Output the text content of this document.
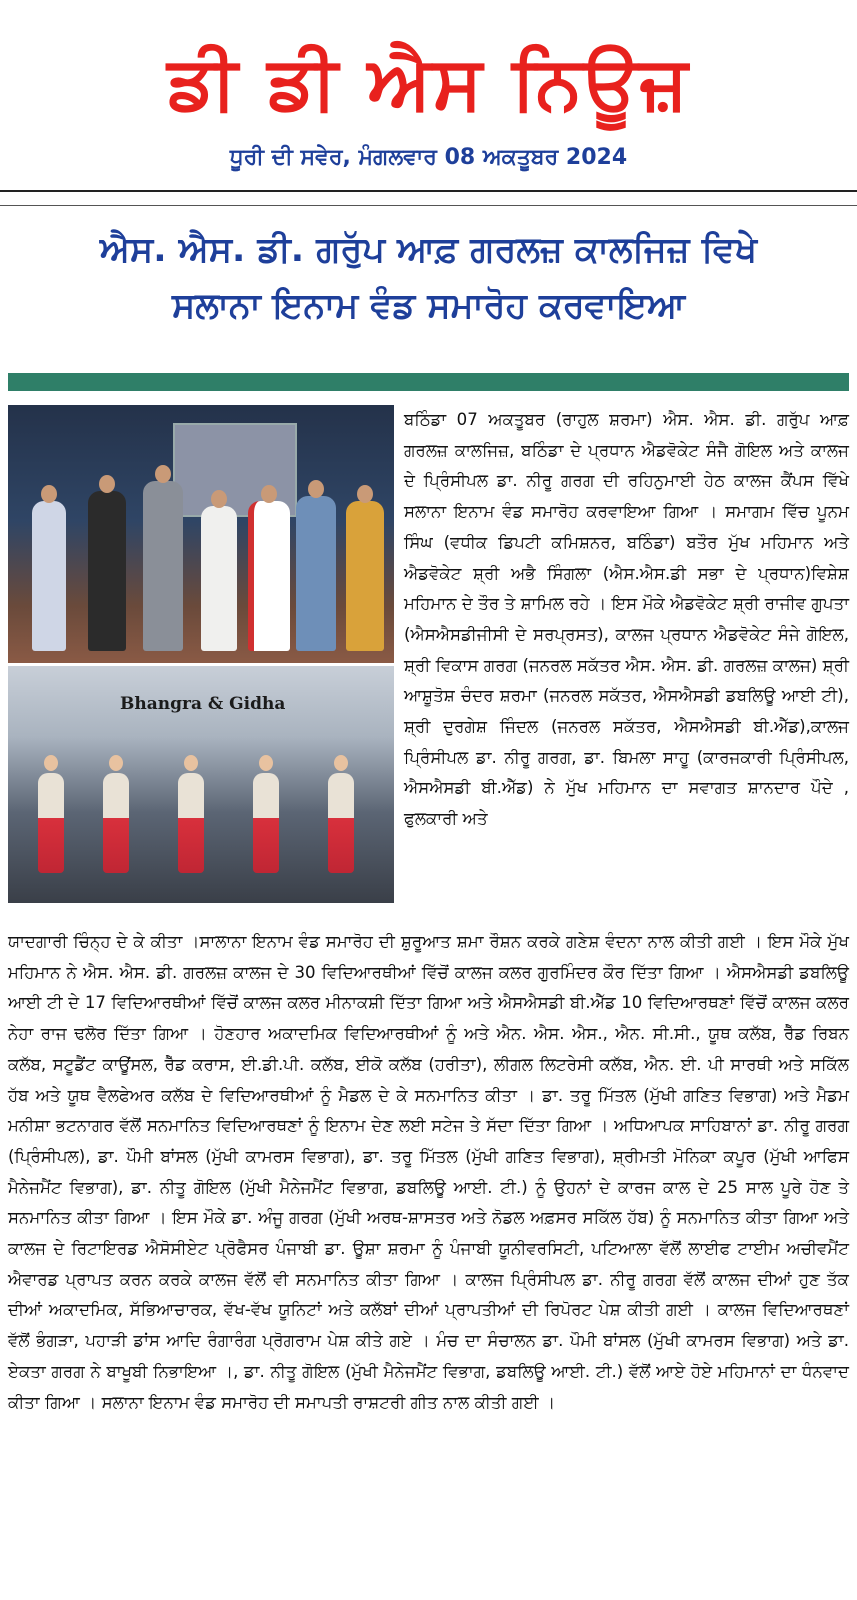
ਡੀ ਡੀ ਐਸ ਨਿਊਜ਼
ਧੂਰੀ ਦੀ ਸਵੇਰ, ਮੰਗਲਵਾਰ 08 ਅਕਤੂਬਰ 2024
ਐਸ. ਐਸ. ਡੀ. ਗਰੁੱਪ ਆਫ਼ ਗਰਲਜ਼ ਕਾਲਜਿਜ਼ ਵਿਖੇ
ਸਲਾਨਾ ਇਨਾਮ ਵੰਡ ਸਮਾਰੋਹ ਕਰਵਾਇਆ
Bhangra & Gidha
ਬਠਿੰਡਾ 07 ਅਕਤੂਬਰ (ਰਾਹੁਲ ਸ਼ਰਮਾ) ਐਸ. ਐਸ. ਡੀ. ਗਰੁੱਪ ਆਫ਼ ਗਰਲਜ਼ ਕਾਲਜਿਜ਼, ਬਠਿੰਡਾ ਦੇ ਪ੍ਰਧਾਨ ਐਡਵੋਕੇਟ ਸੰਜੈ ਗੋਇਲ ਅਤੇ ਕਾਲਜ ਦੇ ਪ੍ਰਿੰਸੀਪਲ ਡਾ. ਨੀਰੂ ਗਰਗ ਦੀ ਰਹਿਨੁਮਾਈ ਹੇਠ ਕਾਲਜ ਕੈਂਪਸ ਵਿੱਖੇ ਸਲਾਨਾ ਇਨਾਮ ਵੰਡ ਸਮਾਰੋਹ ਕਰਵਾਇਆ ਗਿਆ । ਸਮਾਗਮ ਵਿੱਚ ਪੂਨਮ ਸਿੰਘ (ਵਧੀਕ ਡਿਪਟੀ ਕਮਿਸ਼ਨਰ, ਬਠਿੰਡਾ) ਬਤੌਰ ਮੁੱਖ ਮਹਿਮਾਨ ਅਤੇ ਐਡਵੋਕੇਟ ਸ਼੍ਰੀ ਅਭੈ ਸਿੰਗਲਾ (ਐਸ.ਐਸ.ਡੀ ਸਭਾ ਦੇ ਪ੍ਰਧਾਨ)ਵਿਸ਼ੇਸ਼ ਮਹਿਮਾਨ ਦੇ ਤੌਰ ਤੇ ਸ਼ਾਮਿਲ ਰਹੇ । ਇਸ ਮੌਕੇ ਐਡਵੋਕੇਟ ਸ਼੍ਰੀ ਰਾਜੀਵ ਗੁਪਤਾ (ਐਸਐਸਡੀਜੀਸੀ ਦੇ ਸਰਪ੍ਰਸਤ), ਕਾਲਜ ਪ੍ਰਧਾਨ ਐਡਵੋਕੇਟ ਸੰਜੇ ਗੋਇਲ, ਸ਼੍ਰੀ ਵਿਕਾਸ ਗਰਗ (ਜਨਰਲ ਸਕੱਤਰ ਐਸ. ਐਸ. ਡੀ. ਗਰਲਜ਼ ਕਾਲਜ) ਸ਼੍ਰੀ ਆਸ਼ੂਤੋਸ਼ ਚੰਦਰ ਸ਼ਰਮਾ (ਜਨਰਲ ਸਕੱਤਰ, ਐਸਐਸਡੀ ਡਬਲਿਊ ਆਈ ਟੀ), ਸ਼੍ਰੀ ਦੁਰਗੇਸ਼ ਜਿੰਦਲ (ਜਨਰਲ ਸਕੱਤਰ, ਐਸਐਸਡੀ ਬੀ.ਐੱਡ),ਕਾਲਜ ਪ੍ਰਿੰਸੀਪਲ ਡਾ. ਨੀਰੂ ਗਰਗ, ਡਾ. ਬਿਮਲਾ ਸਾਹੂ (ਕਾਰਜਕਾਰੀ ਪ੍ਰਿੰਸੀਪਲ, ਐਸਐਸਡੀ ਬੀ.ਐੱਡ) ਨੇ ਮੁੱਖ ਮਹਿਮਾਨ ਦਾ ਸਵਾਗਤ ਸ਼ਾਨਦਾਰ ਪੌਦੇ , ਫੁਲਕਾਰੀ ਅਤੇ
ਯਾਦਗਾਰੀ ਚਿੰਨ੍ਹ ਦੇ ਕੇ ਕੀਤਾ ।ਸਾਲਾਨਾ ਇਨਾਮ ਵੰਡ ਸਮਾਰੋਹ ਦੀ ਸ਼ੁਰੂਆਤ ਸ਼ਮਾ ਰੌਸ਼ਨ ਕਰਕੇ ਗਣੇਸ਼ ਵੰਦਨਾ ਨਾਲ ਕੀਤੀ ਗਈ । ਇਸ ਮੌਕੇ ਮੁੱਖ ਮਹਿਮਾਨ ਨੇ ਐਸ. ਐਸ. ਡੀ. ਗਰਲਜ਼ ਕਾਲਜ ਦੇ 30 ਵਿਦਿਆਰਥੀਆਂ ਵਿੱਚੋਂ ਕਾਲਜ ਕਲਰ ਗੁਰਮਿੰਦਰ ਕੌਰ ਦਿੱਤਾ ਗਿਆ । ਐਸਐਸਡੀ ਡਬਲਿਊ ਆਈ ਟੀ ਦੇ 17 ਵਿਦਿਆਰਥੀਆਂ ਵਿੱਚੋਂ ਕਾਲਜ ਕਲਰ ਮੀਨਾਕਸ਼ੀ ਦਿੱਤਾ ਗਿਆ ਅਤੇ ਐਸਐਸਡੀ ਬੀ.ਐੱਡ 10 ਵਿਦਿਆਰਥਣਾਂ ਵਿੱਚੋਂ ਕਾਲਜ ਕਲਰ ਨੇਹਾ ਰਾਜ ਢਲੋਰ ਦਿੱਤਾ ਗਿਆ । ਹੋਣਹਾਰ ਅਕਾਦਮਿਕ ਵਿਦਿਆਰਥੀਆਂ ਨੂੰ ਅਤੇ ਐਨ. ਐਸ. ਐਸ., ਐਨ. ਸੀ.ਸੀ., ਯੂਥ ਕਲੱਬ, ਰੈੱਡ ਰਿਬਨ ਕਲੱਬ, ਸਟੂਡੈਂਟ ਕਾਊਂਸਲ, ਰੈੱਡ ਕਰਾਸ, ਈ.ਡੀ.ਪੀ. ਕਲੱਬ, ਈਕੋ ਕਲੱਬ (ਹਰੀਤਾ), ਲੀਗਲ ਲਿਟਰੇਸੀ ਕਲੱਬ, ਐਨ. ਈ. ਪੀ ਸਾਰਥੀ ਅਤੇ ਸਕਿੱਲ ਹੱਬ ਅਤੇ ਯੂਥ ਵੈਲਫੇਅਰ ਕਲੱਬ ਦੇ ਵਿਦਿਆਰਥੀਆਂ ਨੂੰ ਮੈਡਲ ਦੇ ਕੇ ਸਨਮਾਨਿਤ ਕੀਤਾ । ਡਾ. ਤਰੂ ਮਿੱਤਲ (ਮੁੱਖੀ ਗਣਿਤ ਵਿਭਾਗ) ਅਤੇ ਮੈਡਮ ਮਨੀਸ਼ਾ ਭਟਨਾਗਰ ਵੱਲੋਂ ਸਨਮਾਨਿਤ ਵਿਦਿਆਰਥਣਾਂ ਨੂੰ ਇਨਾਮ ਦੇਣ ਲਈ ਸਟੇਜ ਤੇ ਸੱਦਾ ਦਿੱਤਾ ਗਿਆ । ਅਧਿਆਪਕ ਸਾਹਿਬਾਨਾਂ ਡਾ. ਨੀਰੂ ਗਰਗ (ਪ੍ਰਿੰਸੀਪਲ), ਡਾ. ਪੌਮੀ ਬਾਂਸਲ (ਮੁੱਖੀ ਕਾਮਰਸ ਵਿਭਾਗ), ਡਾ. ਤਰੂ ਮਿੱਤਲ (ਮੁੱਖੀ ਗਣਿਤ ਵਿਭਾਗ), ਸ਼੍ਰੀਮਤੀ ਮੋਨਿਕਾ ਕਪੂਰ (ਮੁੱਖੀ ਆਫਿਸ ਮੈਨੇਜਮੈਂਟ ਵਿਭਾਗ), ਡਾ. ਨੀਤੂ ਗੋਇਲ (ਮੁੱਖੀ ਮੈਨੇਜਮੈਂਟ ਵਿਭਾਗ, ਡਬਲਿਊ ਆਈ. ਟੀ.) ਨੂੰ ਉਹਨਾਂ ਦੇ ਕਾਰਜ ਕਾਲ ਦੇ 25 ਸਾਲ ਪੂਰੇ ਹੋਣ ਤੇ ਸਨਮਾਨਿਤ ਕੀਤਾ ਗਿਆ । ਇਸ ਮੌਕੇ ਡਾ. ਅੰਜੂ ਗਰਗ (ਮੁੱਖੀ ਅਰਥ-ਸ਼ਾਸਤਰ ਅਤੇ ਨੋਡਲ ਅਫ਼ਸਰ ਸਕਿੱਲ ਹੱਬ) ਨੂੰ ਸਨਮਾਨਿਤ ਕੀਤਾ ਗਿਆ ਅਤੇ ਕਾਲਜ ਦੇ ਰਿਟਾਇਰਡ ਐਸੋਸੀਏਟ ਪ੍ਰੋਫੈਸਰ ਪੰਜਾਬੀ ਡਾ. ਊਸ਼ਾ ਸ਼ਰਮਾ ਨੂੰ ਪੰਜਾਬੀ ਯੂਨੀਵਰਸਿਟੀ, ਪਟਿਆਲਾ ਵੱਲੋਂ ਲਾਈਫ ਟਾਈਮ ਅਚੀਵਮੈਂਟ ਐਵਾਰਡ ਪ੍ਰਾਪਤ ਕਰਨ ਕਰਕੇ ਕਾਲਜ ਵੱਲੋਂ ਵੀ ਸਨਮਾਨਿਤ ਕੀਤਾ ਗਿਆ । ਕਾਲਜ ਪ੍ਰਿੰਸੀਪਲ ਡਾ. ਨੀਰੂ ਗਰਗ ਵੱਲੋਂ ਕਾਲਜ ਦੀਆਂ ਹੁਣ ਤੱਕ ਦੀਆਂ ਅਕਾਦਮਿਕ, ਸੱਭਿਆਚਾਰਕ, ਵੱਖ-ਵੱਖ ਯੂਨਿਟਾਂ ਅਤੇ ਕਲੱਬਾਂ ਦੀਆਂ ਪ੍ਰਾਪਤੀਆਂ ਦੀ ਰਿਪੋਰਟ ਪੇਸ਼ ਕੀਤੀ ਗਈ । ਕਾਲਜ ਵਿਦਿਆਰਥਣਾਂ ਵੱਲੋਂ ਭੰਗੜਾ, ਪਹਾੜੀ ਡਾਂਸ ਆਦਿ ਰੰਗਾਰੰਗ ਪ੍ਰੋਗਰਾਮ ਪੇਸ਼ ਕੀਤੇ ਗਏ । ਮੰਚ ਦਾ ਸੰਚਾਲਨ ਡਾ. ਪੌਮੀ ਬਾਂਸਲ (ਮੁੱਖੀ ਕਾਮਰਸ ਵਿਭਾਗ) ਅਤੇ ਡਾ. ਏਕਤਾ ਗਰਗ ਨੇ ਬਾਖੂਬੀ ਨਿਭਾਇਆ ।, ਡਾ. ਨੀਤੂ ਗੋਇਲ (ਮੁੱਖੀ ਮੈਨੇਜਮੈਂਟ ਵਿਭਾਗ, ਡਬਲਿਊ ਆਈ. ਟੀ.) ਵੱਲੋਂ ਆਏ ਹੋਏ ਮਹਿਮਾਨਾਂ ਦਾ ਧੰਨਵਾਦ ਕੀਤਾ ਗਿਆ । ਸਲਾਨਾ ਇਨਾਮ ਵੰਡ ਸਮਾਰੋਹ ਦੀ ਸਮਾਪਤੀ ਰਾਸ਼ਟਰੀ ਗੀਤ ਨਾਲ ਕੀਤੀ ਗਈ ।
